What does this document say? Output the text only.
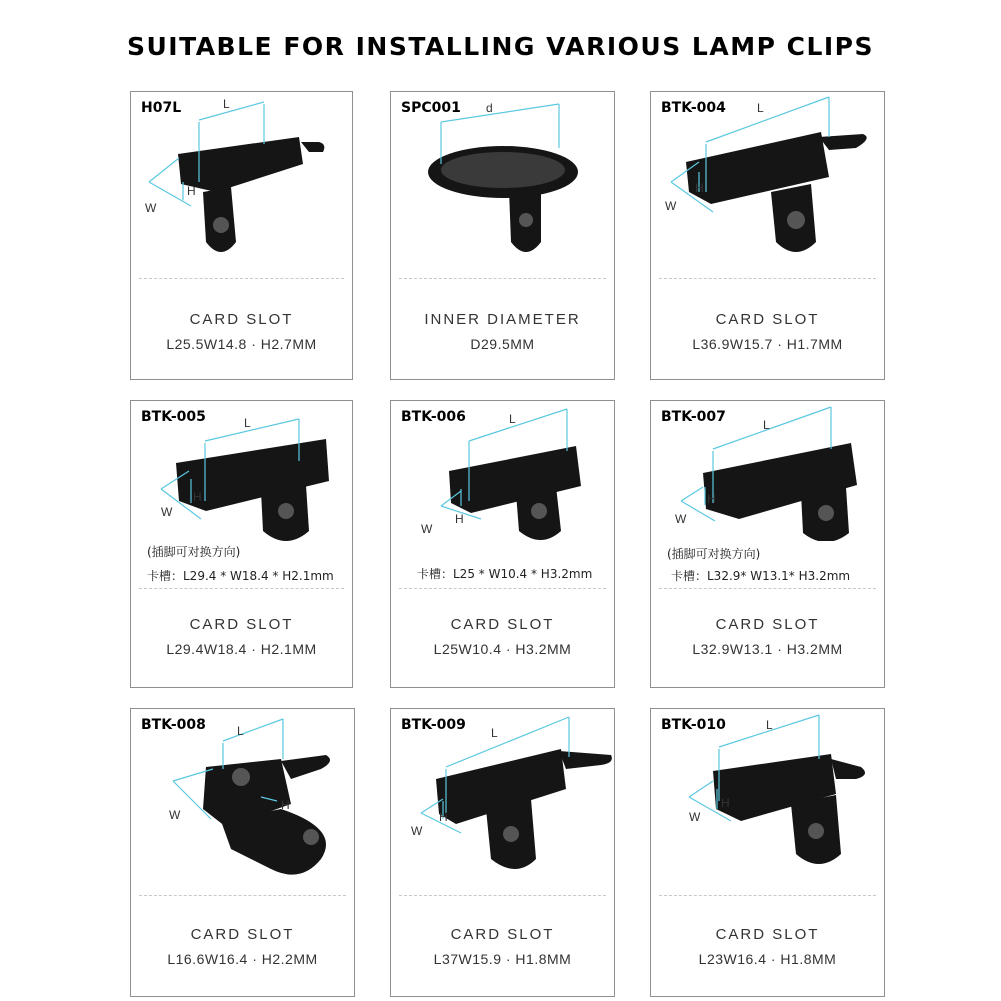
SUITABLE FOR INSTALLING VARIOUS LAMP CLIPS
H07L	L
W
H
CARD SLOT
L25.5W14.8 · H2.7MM
SPC001 d
INNER DIAMETER
D29.5MM
BTK-004	L
W
H
CARD SLOT
L36.9W15.7 · H1.7MM
BTK-005	L
W
H
(插脚可对换方向)
卡槽：L29.4 * W18.4 * H2.1mm
CARD SLOT
L29.4W18.4 · H2.1MM
BTK-006	L
W
H
卡槽：L25 * W10.4 * H3.2mm
CARD SLOT
L25W10.4 · H3.2MM
BTK-007	L
W
H
(插脚可对换方向)
卡槽：L32.9* W13.1* H3.2mm
CARD SLOT
L32.9W13.1 · H3.2MM
BTK-008	L
W
H
CARD SLOT
L16.6W16.4 · H2.2MM
BTK-009 L
W
H
CARD SLOT
L37W15.9 · H1.8MM
BTK-010	L
W
H
CARD SLOT
L23W16.4 · H1.8MM
